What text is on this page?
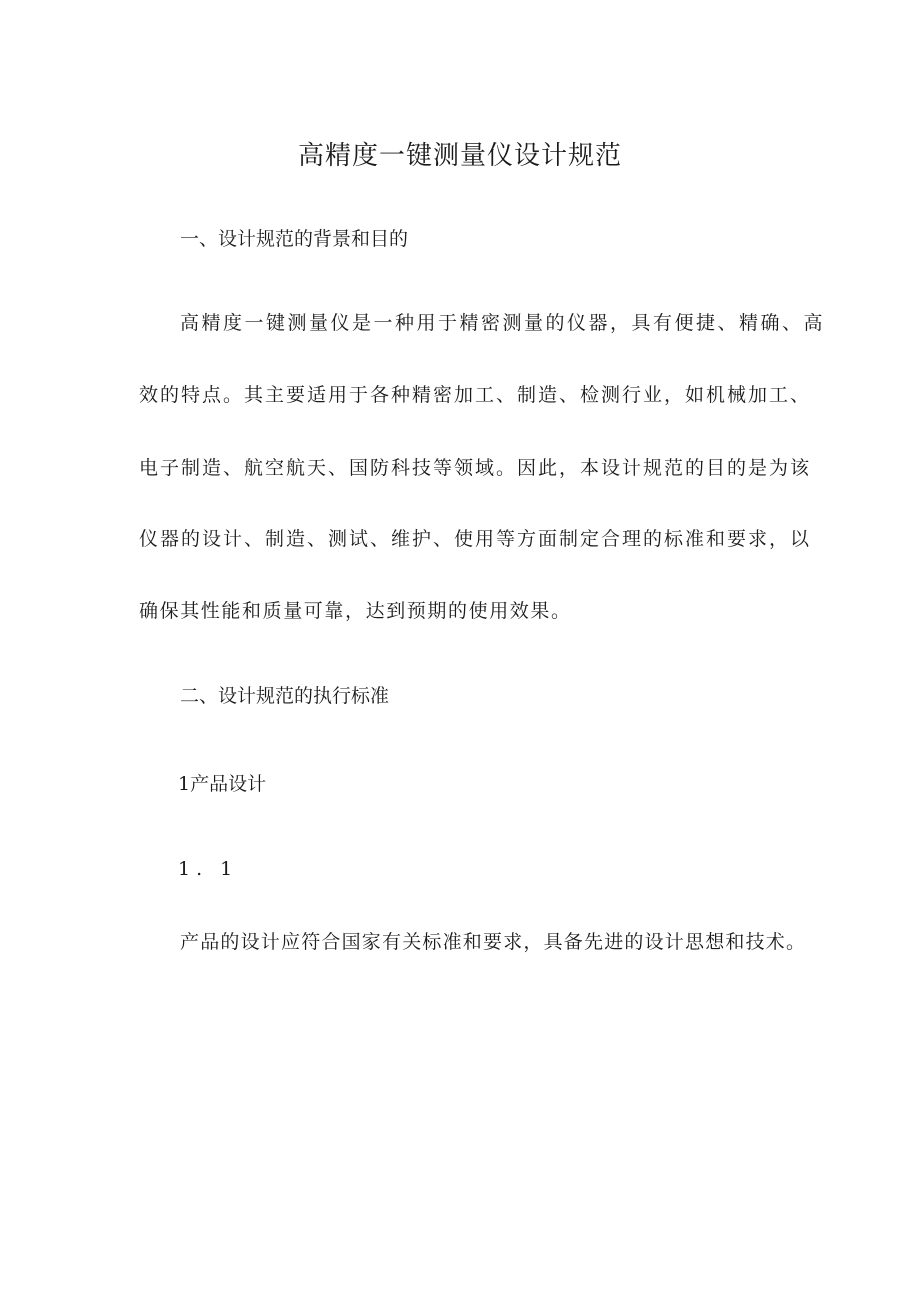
高精度一键测量仪设计规范

一、设计规范的背景和目的

高精度一键测量仪是一种用于精密测量的仪器，具有便捷、精确、高

效的特点。其主要适用于各种精密加工、制造、检测行业，如机械加工、

电子制造、航空航天、国防科技等领域。因此，本设计规范的目的是为该

仪器的设计、制造、测试、维护、使用等方面制定合理的标准和要求，以

确保其性能和质量可靠，达到预期的使用效果。

二、设计规范的执行标准

1产品设计

1. 1

产品的设计应符合国家有关标准和要求，具备先进的设计思想和技术。
